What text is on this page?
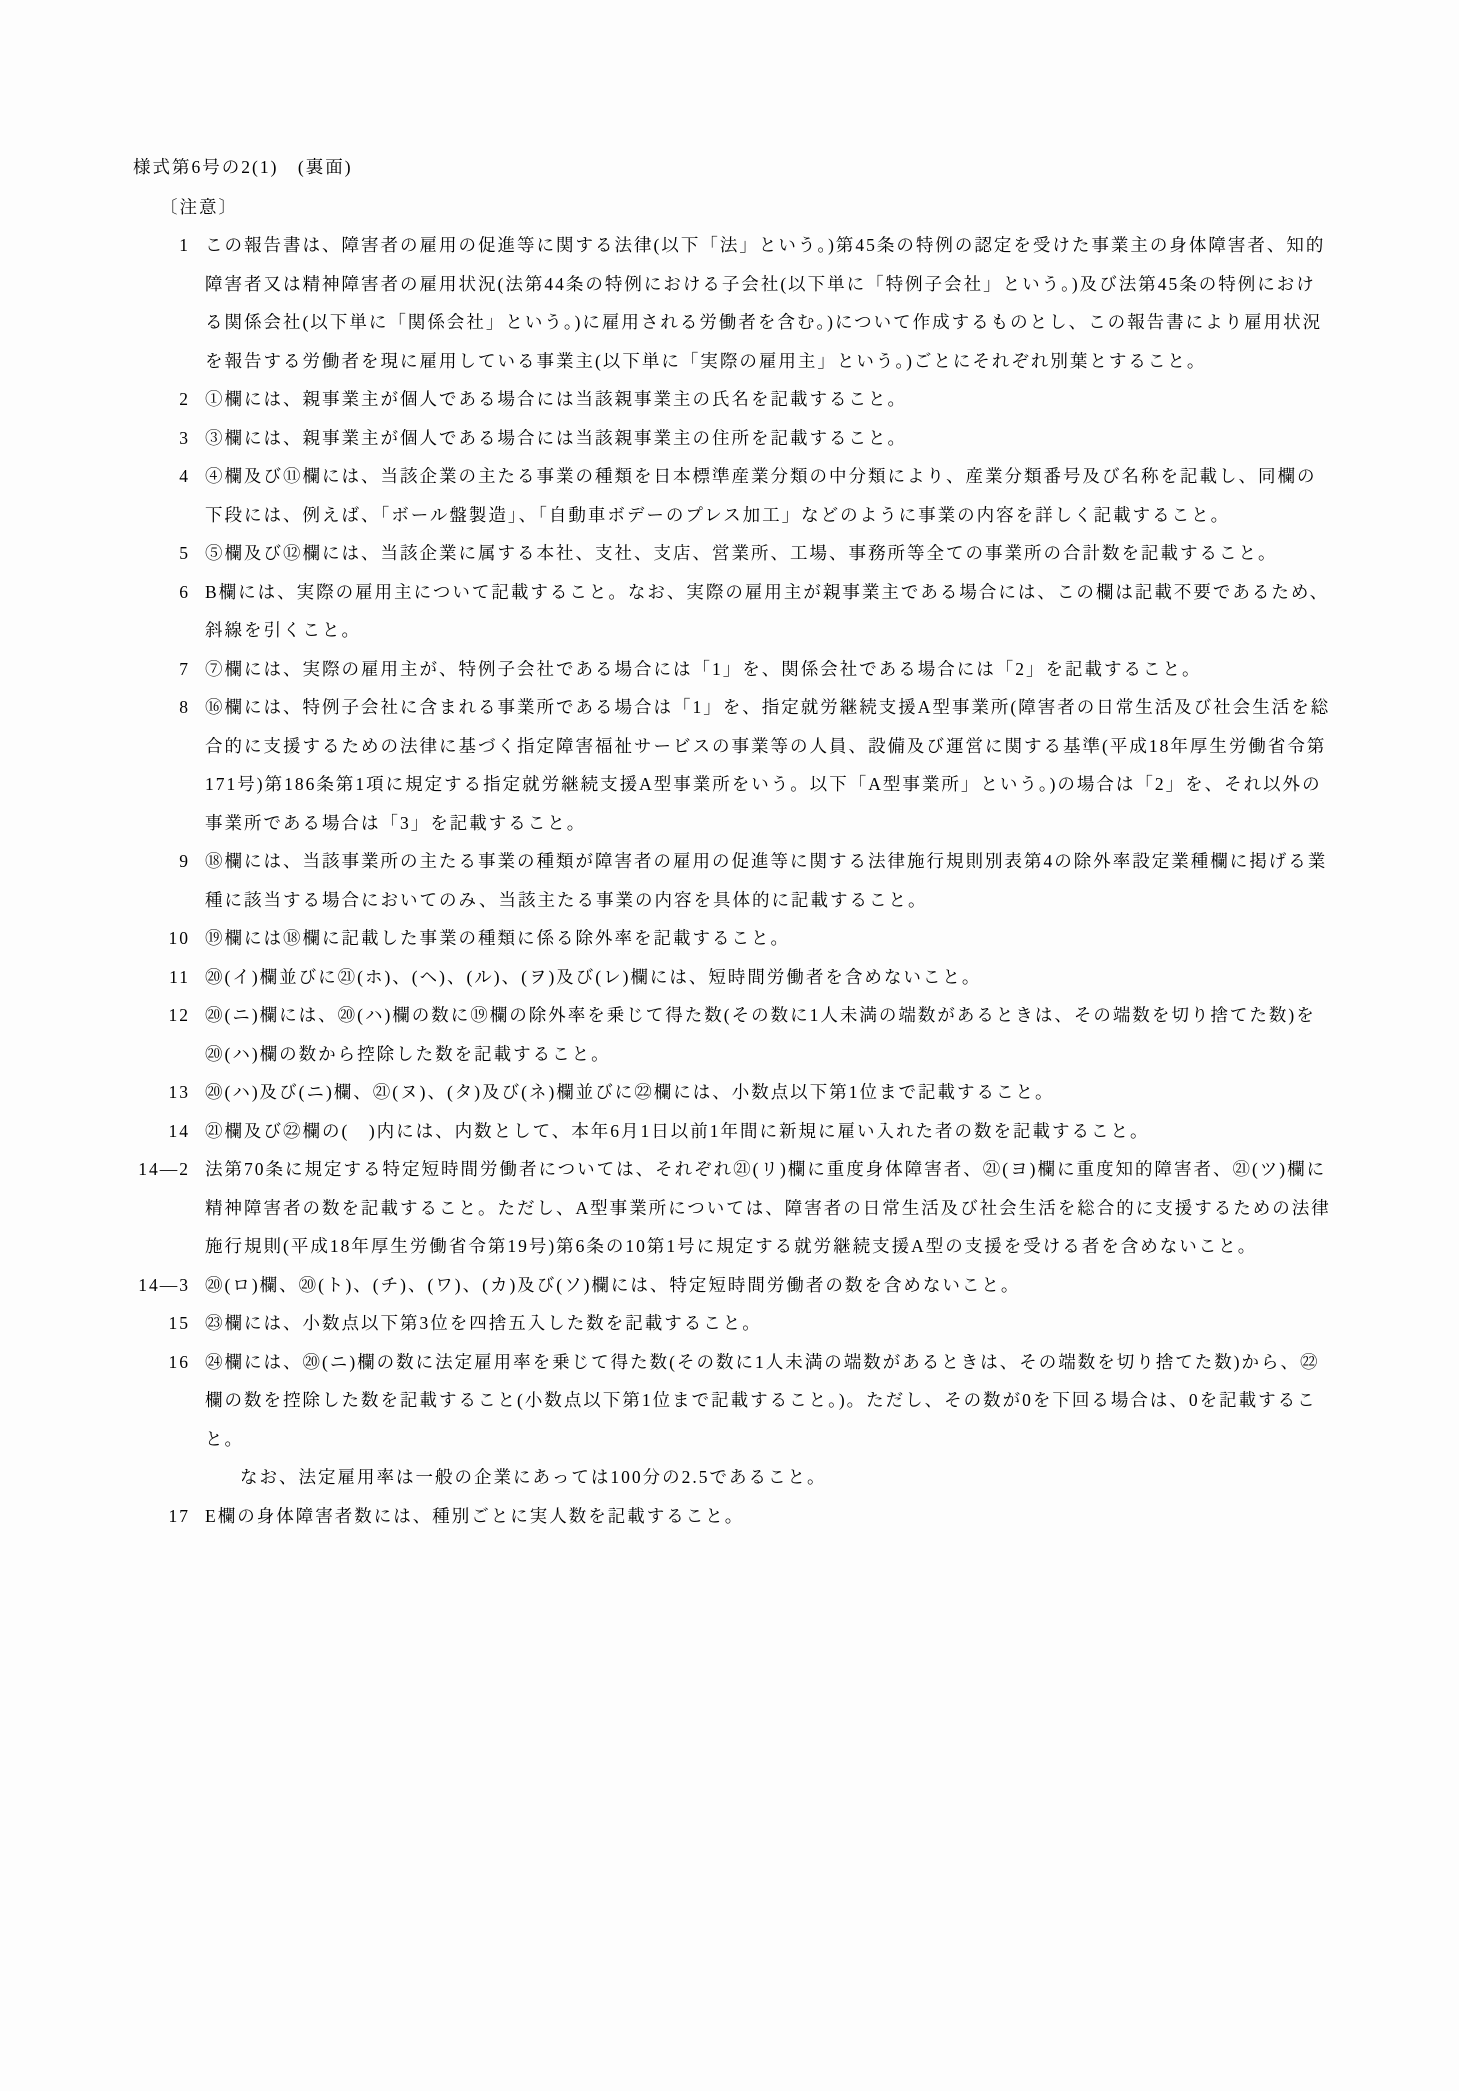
様式第6号の2(1)　(裏面)
〔注意〕
1 この報告書は、障害者の雇用の促進等に関する法律(以下「法」という。)第45条の特例の認定を受けた事業主の身体障害者、知的障害者又は精神障害者の雇用状況(法第44条の特例における子会社(以下単に「特例子会社」という。)及び法第45条の特例における関係会社(以下単に「関係会社」という。)に雇用される労働者を含む。)について作成するものとし、この報告書により雇用状況を報告する労働者を現に雇用している事業主(以下単に「実際の雇用主」という。)ごとにそれぞれ別葉とすること。

2 ①欄には、親事業主が個人である場合には当該親事業主の氏名を記載すること。

3 ③欄には、親事業主が個人である場合には当該親事業主の住所を記載すること。

4 ④欄及び⑪欄には、当該企業の主たる事業の種類を日本標準産業分類の中分類により、産業分類番号及び名称を記載し、同欄の下段には、例えば、「ボール盤製造」、「自動車ボデーのプレス加工」などのように事業の内容を詳しく記載すること。

5 ⑤欄及び⑫欄には、当該企業に属する本社、支社、支店、営業所、工場、事務所等全ての事業所の合計数を記載すること。

6 B欄には、実際の雇用主について記載すること。なお、実際の雇用主が親事業主である場合には、この欄は記載不要であるため、斜線を引くこと。

7 ⑦欄には、実際の雇用主が、特例子会社である場合には「1」を、関係会社である場合には「2」を記載すること。

8 ⑯欄には、特例子会社に含まれる事業所である場合は「1」を、指定就労継続支援A型事業所(障害者の日常生活及び社会生活を総合的に支援するための法律に基づく指定障害福祉サービスの事業等の人員、設備及び運営に関する基準(平成18年厚生労働省令第171号)第186条第1項に規定する指定就労継続支援A型事業所をいう。以下「A型事業所」という。)の場合は「2」を、それ以外の事業所である場合は「3」を記載すること。

9 ⑱欄には、当該事業所の主たる事業の種類が障害者の雇用の促進等に関する法律施行規則別表第4の除外率設定業種欄に掲げる業種に該当する場合においてのみ、当該主たる事業の内容を具体的に記載すること。

10 ⑲欄には⑱欄に記載した事業の種類に係る除外率を記載すること。

11 ⑳(イ)欄並びに㉑(ホ)、(ヘ)、(ル)、(ヲ)及び(レ)欄には、短時間労働者を含めないこと。

12 ⑳(ニ)欄には、⑳(ハ)欄の数に⑲欄の除外率を乗じて得た数(その数に1人未満の端数があるときは、その端数を切り捨てた数)を⑳(ハ)欄の数から控除した数を記載すること。

13 ⑳(ハ)及び(ニ)欄、㉑(ヌ)、(タ)及び(ネ)欄並びに㉒欄には、小数点以下第1位まで記載すること。

14 ㉑欄及び㉒欄の(　)内には、内数として、本年6月1日以前1年間に新規に雇い入れた者の数を記載すること。

14—2 法第70条に規定する特定短時間労働者については、それぞれ㉑(リ)欄に重度身体障害者、㉑(ヨ)欄に重度知的障害者、㉑(ツ)欄に精神障害者の数を記載すること。ただし、A型事業所については、障害者の日常生活及び社会生活を総合的に支援するための法律施行規則(平成18年厚生労働省令第19号)第6条の10第1号に規定する就労継続支援A型の支援を受ける者を含めないこと。

14—3 ⑳(ロ)欄、⑳(ト)、(チ)、(ワ)、(カ)及び(ソ)欄には、特定短時間労働者の数を含めないこと。

15 ㉓欄には、小数点以下第3位を四捨五入した数を記載すること。

16 ㉔欄には、⑳(ニ)欄の数に法定雇用率を乗じて得た数(その数に1人未満の端数があるときは、その端数を切り捨てた数)から、㉒欄の数を控除した数を記載すること(小数点以下第1位まで記載すること。)。ただし、その数が0を下回る場合は、0を記載すること。

なお、法定雇用率は一般の企業にあっては100分の2.5であること。

17 E欄の身体障害者数には、種別ごとに実人数を記載すること。
